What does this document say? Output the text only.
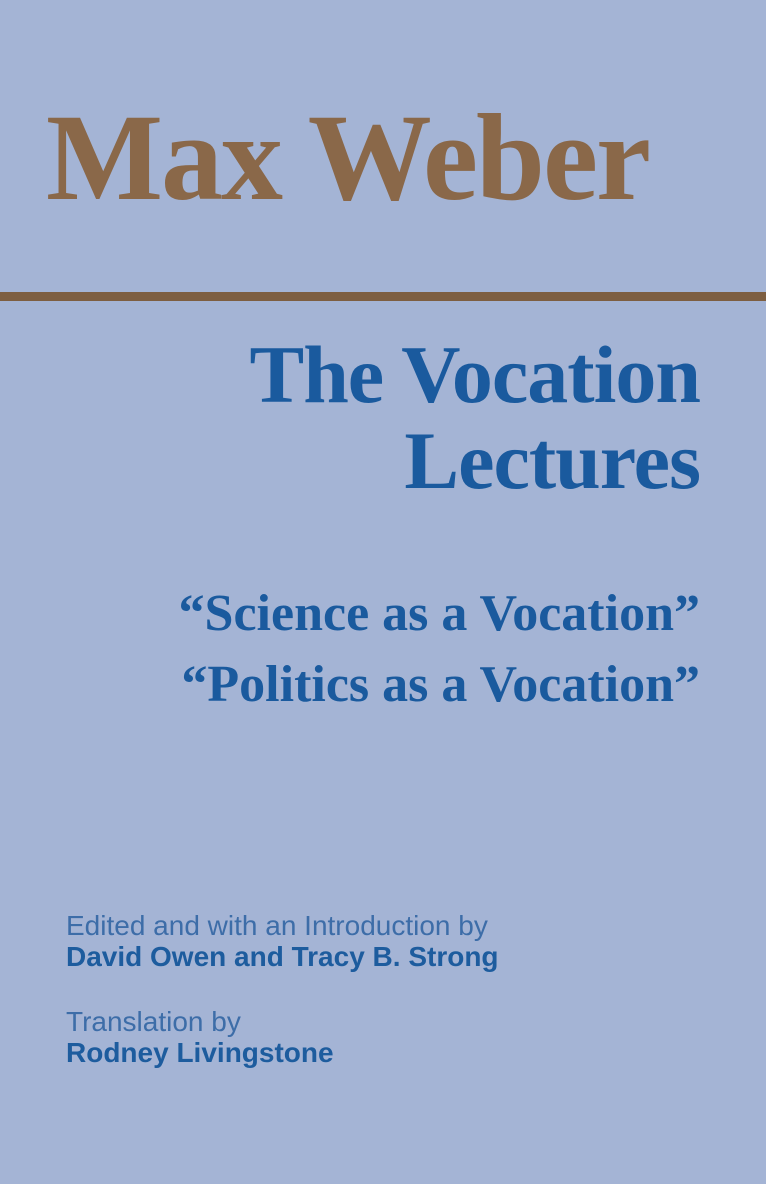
Max Weber
The Vocation
Lectures
“Science as a Vocation”
“Politics as a Vocation”

Edited and with an Introduction by

David Owen and Tracy B. Strong

Translation by

Rodney Livingstone
